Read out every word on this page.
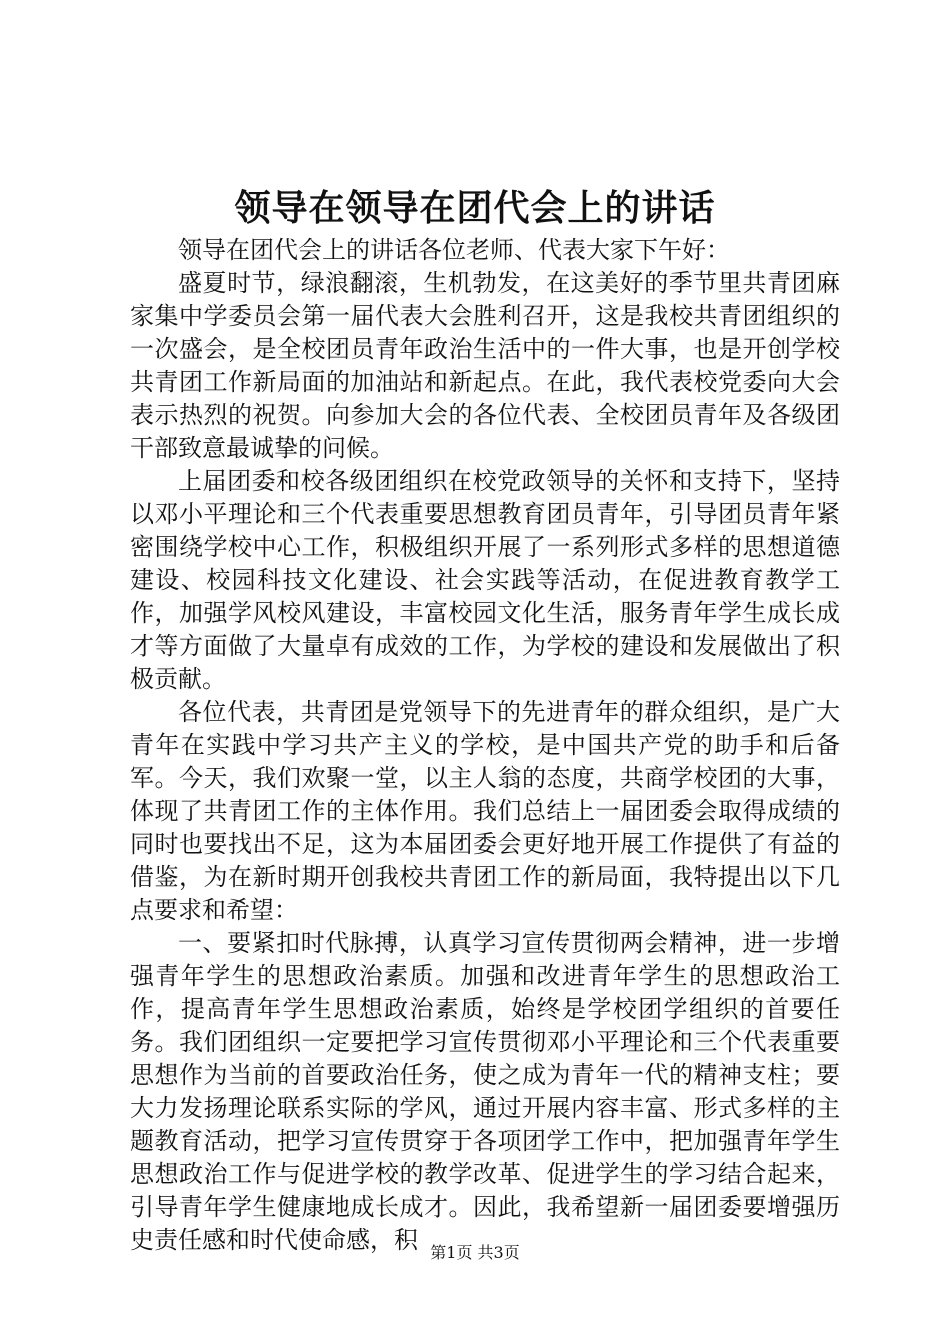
领导在领导在团代会上的讲话

领导在团代会上的讲话各位老师、代表大家下午好：

盛夏时节，绿浪翻滚，生机勃发，在这美好的季节里共青团麻家集中学委员会第一届代表大会胜利召开，这是我校共青团组织的一次盛会，是全校团员青年政治生活中的一件大事，也是开创学校共青团工作新局面的加油站和新起点。在此，我代表校党委向大会表示热烈的祝贺。向参加大会的各位代表、全校团员青年及各级团干部致意最诚挚的问候。

上届团委和校各级团组织在校党政领导的关怀和支持下，坚持以邓小平理论和三个代表重要思想教育团员青年，引导团员青年紧密围绕学校中心工作，积极组织开展了一系列形式多样的思想道德建设、校园科技文化建设、社会实践等活动，在促进教育教学工作，加强学风校风建设，丰富校园文化生活，服务青年学生成长成才等方面做了大量卓有成效的工作，为学校的建设和发展做出了积极贡献。

各位代表，共青团是党领导下的先进青年的群众组织，是广大青年在实践中学习共产主义的学校，是中国共产党的助手和后备军。今天，我们欢聚一堂，以主人翁的态度，共商学校团的大事，体现了共青团工作的主体作用。我们总结上一届团委会取得成绩的同时也要找出不足，这为本届团委会更好地开展工作提供了有益的借鉴，为在新时期开创我校共青团工作的新局面，我特提出以下几点要求和希望：

一、要紧扣时代脉搏，认真学习宣传贯彻两会精神，进一步增强青年学生的思想政治素质。加强和改进青年学生的思想政治工作，提高青年学生思想政治素质，始终是学校团学组织的首要任务。我们团组织一定要把学习宣传贯彻邓小平理论和三个代表重要思想作为当前的首要政治任务，使之成为青年一代的精神支柱；要大力发扬理论联系实际的学风，通过开展内容丰富、形式多样的主题教育活动，把学习宣传贯穿于各项团学工作中，把加强青年学生思想政治工作与促进学校的教学改革、促进学生的学习结合起来，引导青年学生健康地成长成才。因此，我希望新一届团委要增强历史责任感和时代使命感，积 第1页 共3页
